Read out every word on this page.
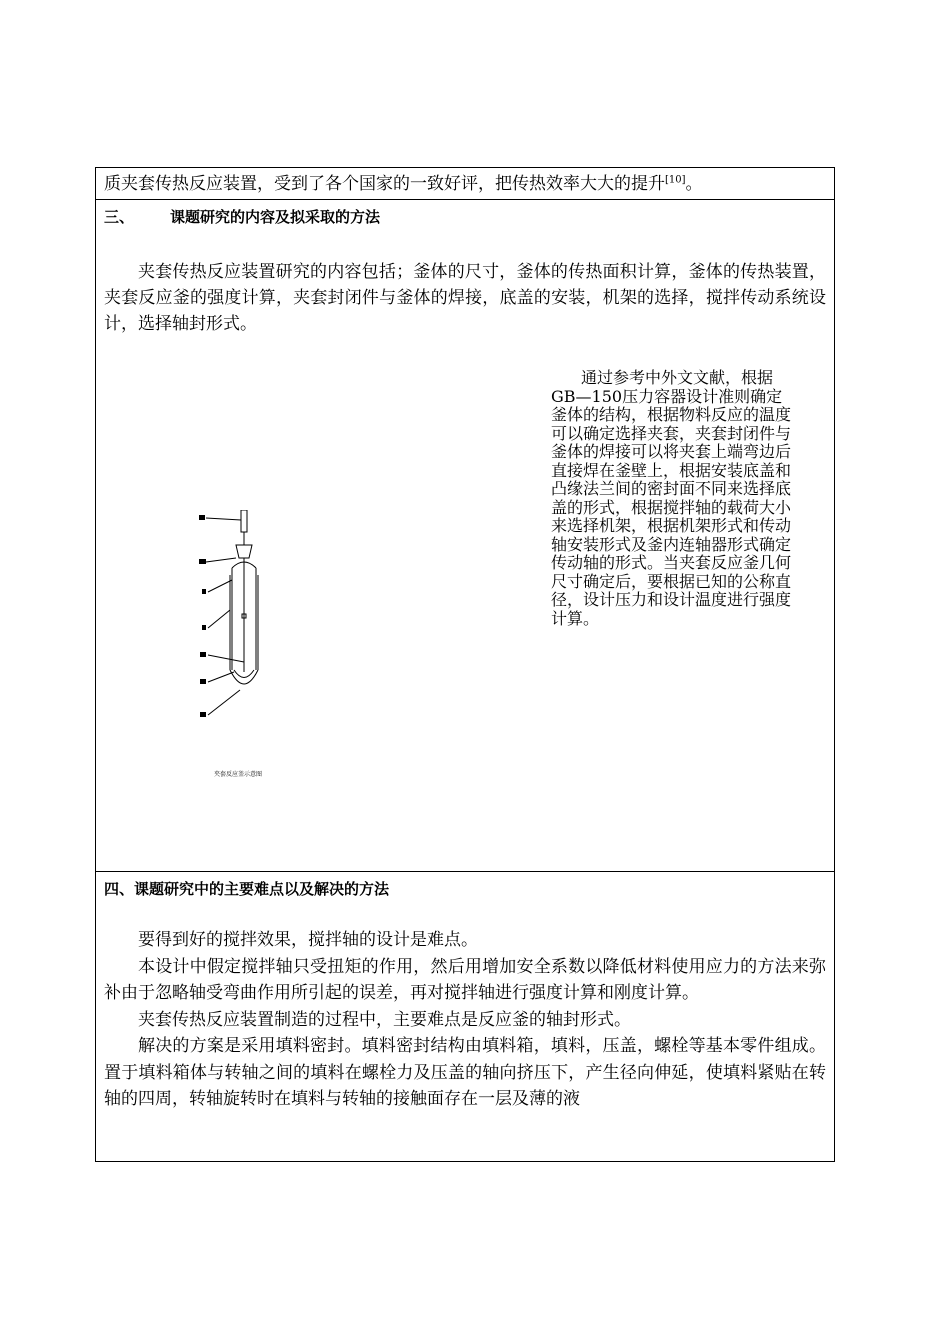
质夹套传热反应装置，受到了各个国家的一致好评，把传热效率大大的提升[10]。

三、 课题研究的内容及拟采取的方法

夹套传热反应装置研究的内容包括；釜体的尺寸，釜体的传热面积计算，釜体的传热装置，夹套反应釜的强度计算，夹套封闭件与釜体的焊接，底盖的安装，机架的选择，搅拌传动系统设计，选择轴封形式。

通过参考中外文文献，根据GB—150压力容器设计准则确定釜体的结构，根据物料反应的温度可以确定选择夹套，夹套封闭件与釜体的焊接可以将夹套上端弯边后直接焊在釜壁上，根据安装底盖和凸缘法兰间的密封面不同来选择底盖的形式，根据搅拌轴的载荷大小来选择机架，根据机架形式和传动轴安装形式及釜内连轴器形式确定传动轴的形式。当夹套反应釜几何尺寸确定后，要根据已知的公称直径，设计压力和设计温度进行强度计算。

夹套反应釜示意图

四、课题研究中的主要难点以及解决的方法

要得到好的搅拌效果，搅拌轴的设计是难点。

本设计中假定搅拌轴只受扭矩的作用，然后用增加安全系数以降低材料使用应力的方法来弥补由于忽略轴受弯曲作用所引起的误差，再对搅拌轴进行强度计算和刚度计算。

夹套传热反应装置制造的过程中，主要难点是反应釜的轴封形式。

解决的方案是采用填料密封。填料密封结构由填料箱，填料，压盖，螺栓等基本零件组成。置于填料箱体与转轴之间的填料在螺栓力及压盖的轴向挤压下，产生径向伸延，使填料紧贴在转轴的四周，转轴旋转时在填料与转轴的接触面存在一层及薄的液
